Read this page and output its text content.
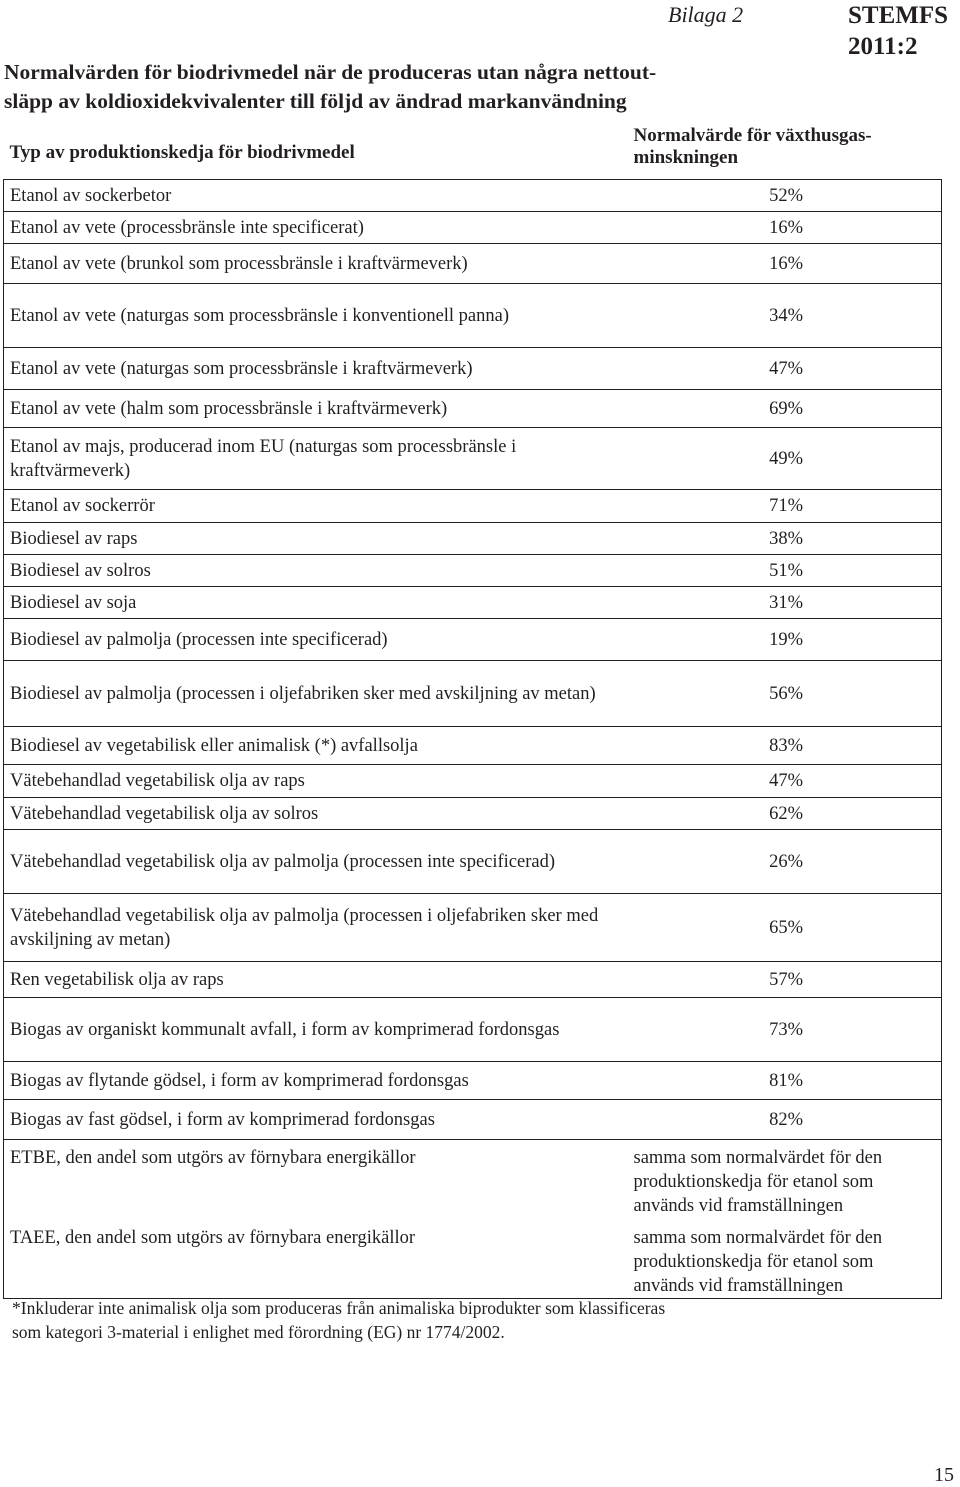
Bilaga 2	STEMFS
2011:2
Normalvärden för biodrivmedel när de produceras utan några nettout-
släpp av koldioxidekvivalenter till följd av ändrad markanvändning
Typ av produktionskedja för biodrivmedel	Normalvärde för växthusgas-
minskningen

Etanol av sockerbetor	52%
Etanol av vete (processbränsle inte specificerat)	16%
Etanol av vete (brunkol som processbränsle i kraftvärmeverk)	16%
Etanol av vete (naturgas som processbränsle i konventionell panna)	34%
Etanol av vete (naturgas som processbränsle i kraftvärmeverk)	47%
Etanol av vete (halm som processbränsle i kraftvärmeverk)	69%
Etanol av majs, producerad inom EU (naturgas som processbränsle i kraftvärmeverk)	49%
Etanol av sockerrör	71%
Biodiesel av raps	38%
Biodiesel av solros	51%
Biodiesel av soja	31%
Biodiesel av palmolja (processen inte specificerad)	19%
Biodiesel av palmolja (processen i oljefabriken sker med avskiljning av metan)	56%
Biodiesel av vegetabilisk eller animalisk (*) avfallsolja	83%
Vätebehandlad vegetabilisk olja av raps	47%
Vätebehandlad vegetabilisk olja av solros	62%
Vätebehandlad vegetabilisk olja av palmolja (processen inte specificerad)	26%
Vätebehandlad vegetabilisk olja av palmolja (processen i oljefabriken sker med avskiljning av metan)	65%
Ren vegetabilisk olja av raps	57%
Biogas av organiskt kommunalt avfall, i form av komprimerad fordonsgas	73%
Biogas av flytande gödsel, i form av komprimerad fordonsgas	81%
Biogas av fast gödsel, i form av komprimerad fordonsgas	82%
ETBE, den andel som utgörs av förnybara energikällor	samma som normalvärdet för den produktionskedja för etanol som används vid framställningen
TAEE, den andel som utgörs av förnybara energikällor	samma som normalvärdet för den produktionskedja för etanol som används vid framställningen
*Inkluderar inte animalisk olja som produceras från animaliska biprodukter som klassificeras
som kategori 3-material i enlighet med förordning (EG) nr 1774/2002.
15
